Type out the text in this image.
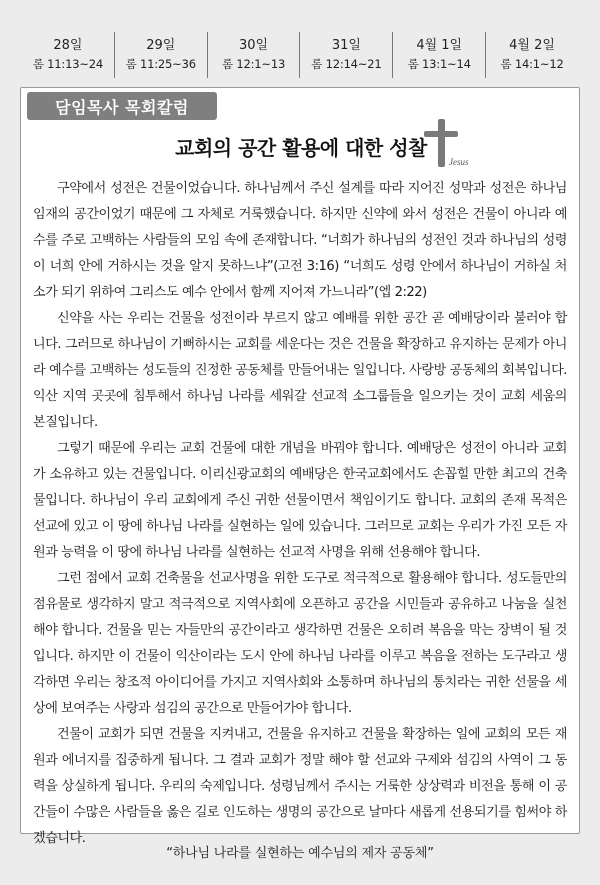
28일
롬 11:13~24
29일
롬 11:25~36
30일
롬 12:1~13
31일
롬 12:14~21
4월 1일
롬 13:1~14
4월 2일
롬 14:1~12
담임목사 목회칼럼
Jesus
교회의 공간 활용에 대한 성찰

구약에서 성전은 건물이었습니다. 하나님께서 주신 설계를 따라 지어진 성막과 성전은 하나님 임재의 공간이었기 때문에 그 자체로 거룩했습니다. 하지만 신약에 와서 성전은 건물이 아니라 예수를 주로 고백하는 사람들의 모임 속에 존재합니다. “너희가 하나님의 성전인 것과 하나님의 성령이 너희 안에 거하시는 것을 알지 못하느냐”(고전 3:16) “너희도 성령 안에서 하나님이 거하실 처소가 되기 위하여 그리스도 예수 안에서 함께 지어져 가느니라”(엡 2:22)

신약을 사는 우리는 건물을 성전이라 부르지 않고 예배를 위한 공간 곧 예배당이라 불러야 합니다. 그러므로 하나님이 기뻐하시는 교회를 세운다는 것은 건물을 확장하고 유지하는 문제가 아니라 예수를 고백하는 성도들의 진정한 공동체를 만들어내는 일입니다. 사랑방 공동체의 회복입니다. 익산 지역 곳곳에 침투해서 하나님 나라를 세워갈 선교적 소그룹들을 일으키는 것이 교회 세움의 본질입니다.

그렇기 때문에 우리는 교회 건물에 대한 개념을 바꿔야 합니다. 예배당은 성전이 아니라 교회가 소유하고 있는 건물입니다. 이리신광교회의 예배당은 한국교회에서도 손꼽힐 만한 최고의 건축물입니다. 하나님이 우리 교회에게 주신 귀한 선물이면서 책임이기도 합니다. 교회의 존재 목적은 선교에 있고 이 땅에 하나님 나라를 실현하는 일에 있습니다. 그러므로 교회는 우리가 가진 모든 자원과 능력을 이 땅에 하나님 나라를 실현하는 선교적 사명을 위해 선용해야 합니다.

그런 점에서 교회 건축물을 선교사명을 위한 도구로 적극적으로 활용해야 합니다. 성도들만의 점유물로 생각하지 말고 적극적으로 지역사회에 오픈하고 공간을 시민들과 공유하고 나눔을 실천해야 합니다. 건물을 믿는 자들만의 공간이라고 생각하면 건물은 오히려 복음을 막는 장벽이 될 것입니다. 하지만 이 건물이 익산이라는 도시 안에 하나님 나라를 이루고 복음을 전하는 도구라고 생각하면 우리는 창조적 아이디어를 가지고 지역사회와 소통하며 하나님의 통치라는 귀한 선물을 세상에 보여주는 사랑과 섬김의 공간으로 만들어가야 합니다.

건물이 교회가 되면 건물을 지켜내고, 건물을 유지하고 건물을 확장하는 일에 교회의 모든 재원과 에너지를 집중하게 됩니다. 그 결과 교회가 정말 해야 할 선교와 구제와 섬김의 사역이 그 동력을 상실하게 됩니다. 우리의 숙제입니다. 성령님께서 주시는 거룩한 상상력과 비전을 통해 이 공간들이 수많은 사람들을 옳은 길로 인도하는 생명의 공간으로 날마다 새롭게 선용되기를 힘써야 하겠습니다.

“하나님 나라를 실현하는 예수님의 제자 공동체”
